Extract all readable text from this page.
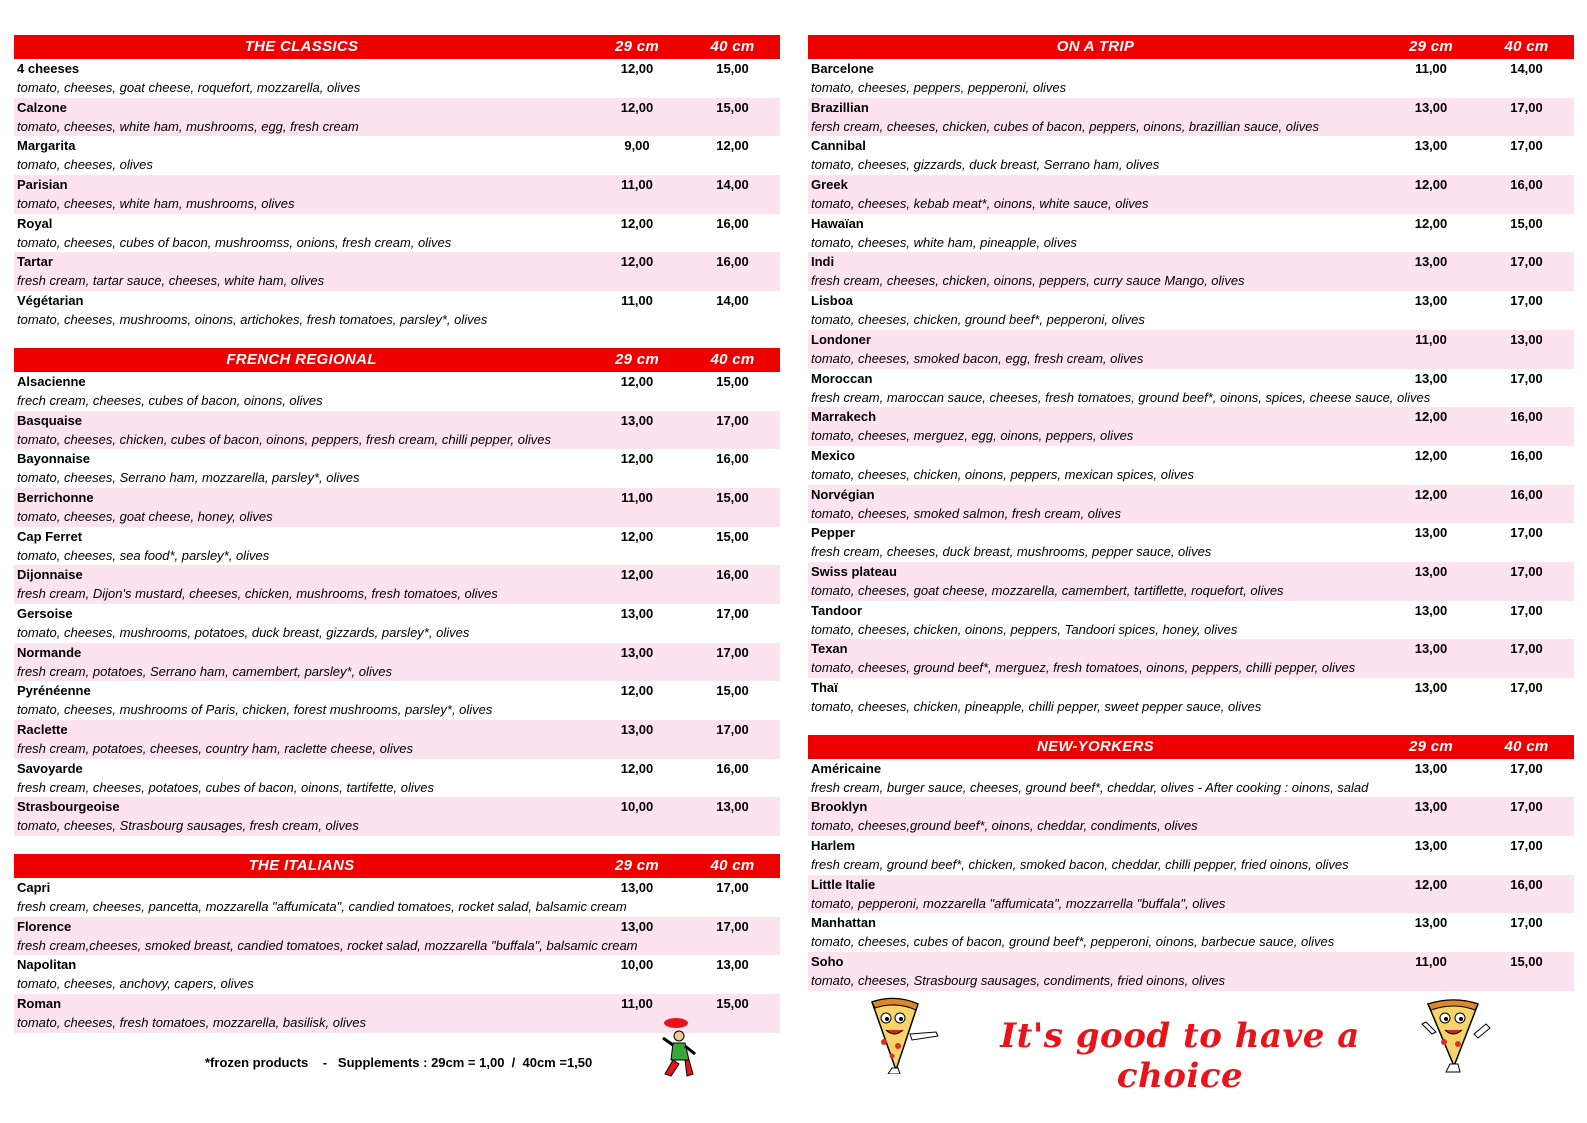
THE CLASSICS	29 cm	40 cm
4 cheeses
tomato, cheeses, goat cheese, roquefort, mozzarella, olives
12,00	15,00
Calzone
tomato, cheeses, white ham, mushrooms, egg, fresh cream
12,00	15,00
Margarita
tomato, cheeses, olives
9,00	12,00
Parisian
tomato, cheeses, white ham, mushrooms, olives
11,00	14,00
Royal
tomato, cheeses, cubes of bacon, mushroomss, onions, fresh cream, olives
12,00	16,00
Tartar
fresh cream, tartar sauce, cheeses, white ham, olives
12,00	16,00
Végétarian
tomato, cheeses, mushrooms, oinons, artichokes, fresh tomatoes, parsley*, olives
11,00	14,00
FRENCH REGIONAL	29 cm	40 cm
Alsacienne
frech cream, cheeses, cubes of bacon, oinons, olives
12,00	15,00
Basquaise
tomato, cheeses, chicken, cubes of bacon, oinons, peppers, fresh cream, chilli pepper, olives
13,00	17,00
Bayonnaise
tomato, cheeses, Serrano ham, mozzarella, parsley*, olives
12,00	16,00
Berrichonne
tomato, cheeses, goat cheese, honey, olives
11,00	15,00
Cap Ferret
tomato, cheeses, sea food*, parsley*, olives
12,00	15,00
Dijonnaise
fresh cream, Dijon's mustard, cheeses, chicken, mushrooms, fresh tomatoes, olives
12,00	16,00
Gersoise
tomato, cheeses, mushrooms, potatoes, duck breast, gizzards, parsley*, olives
13,00	17,00
Normande
fresh cream, potatoes, Serrano ham, camembert, parsley*, olives
13,00	17,00
Pyrénéenne
tomato, cheeses, mushrooms of Paris, chicken, forest mushrooms, parsley*, olives
12,00	15,00
Raclette
fresh cream, potatoes, cheeses, country ham, raclette cheese, olives
13,00	17,00
Savoyarde
fresh cream, cheeses, potatoes, cubes of bacon, oinons, tartifette, olives
12,00	16,00
Strasbourgeoise
tomato, cheeses, Strasbourg sausages, fresh cream, olives
10,00	13,00
THE ITALIANS	29 cm	40 cm
Capri
fresh cream, cheeses, pancetta, mozzarella "affumicata", candied tomatoes, rocket salad, balsamic cream
13,00	17,00
Florence
fresh cream,cheeses, smoked breast, candied tomatoes, rocket salad, mozzarella "buffala", balsamic cream
13,00	17,00
Napolitan
tomato, cheeses, anchovy, capers, olives
10,00	13,00
Roman
tomato, cheeses, fresh tomatoes, mozzarella, basilisk, olives
11,00	15,00
ON A TRIP	29 cm	40 cm
Barcelone
tomato, cheeses, peppers, pepperoni, olives
11,00	14,00
Brazillian
fersh cream, cheeses, chicken, cubes of bacon, peppers, oinons, brazillian sauce, olives
13,00	17,00
Cannibal
tomato, cheeses, gizzards, duck breast, Serrano ham, olives
13,00	17,00
Greek
tomato, cheeses, kebab meat*, oinons, white sauce, olives
12,00	16,00
Hawaïan
tomato, cheeses, white ham, pineapple, olives
12,00	15,00
Indi
fresh cream, cheeses, chicken, oinons, peppers, curry sauce Mango, olives
13,00	17,00
Lisboa
tomato, cheeses, chicken, ground beef*, pepperoni, olives
13,00	17,00
Londoner
tomato, cheeses, smoked bacon, egg, fresh cream, olives
11,00	13,00
Moroccan
fresh cream, maroccan sauce, cheeses, fresh tomatoes, ground beef*, oinons, spices, cheese sauce, olives
13,00	17,00
Marrakech
tomato, cheeses, merguez, egg, oinons, peppers, olives
12,00	16,00
Mexico
tomato, cheeses, chicken, oinons, peppers, mexican spices, olives
12,00	16,00
Norvégian
tomato, cheeses, smoked salmon, fresh cream, olives
12,00	16,00
Pepper
fresh cream, cheeses, duck breast, mushrooms, pepper sauce, olives
13,00	17,00
Swiss plateau
tomato, cheeses, goat cheese, mozzarella, camembert, tartiflette, roquefort, olives
13,00	17,00
Tandoor
tomato, cheeses, chicken, oinons, peppers, Tandoori spices, honey, olives
13,00	17,00
Texan
tomato, cheeses, ground beef*, merguez, fresh tomatoes, oinons, peppers, chilli pepper, olives
13,00	17,00
Thaï
tomato, cheeses, chicken, pineapple, chilli pepper, sweet pepper sauce, olives
13,00	17,00
NEW-YORKERS	29 cm	40 cm
Américaine
fresh cream, burger sauce, cheeses, ground beef*, cheddar, olives - After cooking : oinons, salad
13,00	17,00
Brooklyn
tomato, cheeses,ground beef*, oinons, cheddar, condiments, olives
13,00	17,00
Harlem
fresh cream, ground beef*, chicken, smoked bacon, cheddar, chilli pepper, fried oinons, olives
13,00	17,00
Little Italie
tomato, pepperoni, mozzarella "affumicata", mozzarrella "buffala", olives
12,00	16,00
Manhattan
tomato, cheeses, cubes of bacon, ground beef*, pepperoni, oinons, barbecue sauce, olives
13,00	17,00
Soho
tomato, cheeses, Strasbourg sausages, condiments, fried oinons, olives
11,00	15,00
*frozen products    -   Supplements : 29cm = 1,00  /  40cm =1,50
It's good to have a choice
